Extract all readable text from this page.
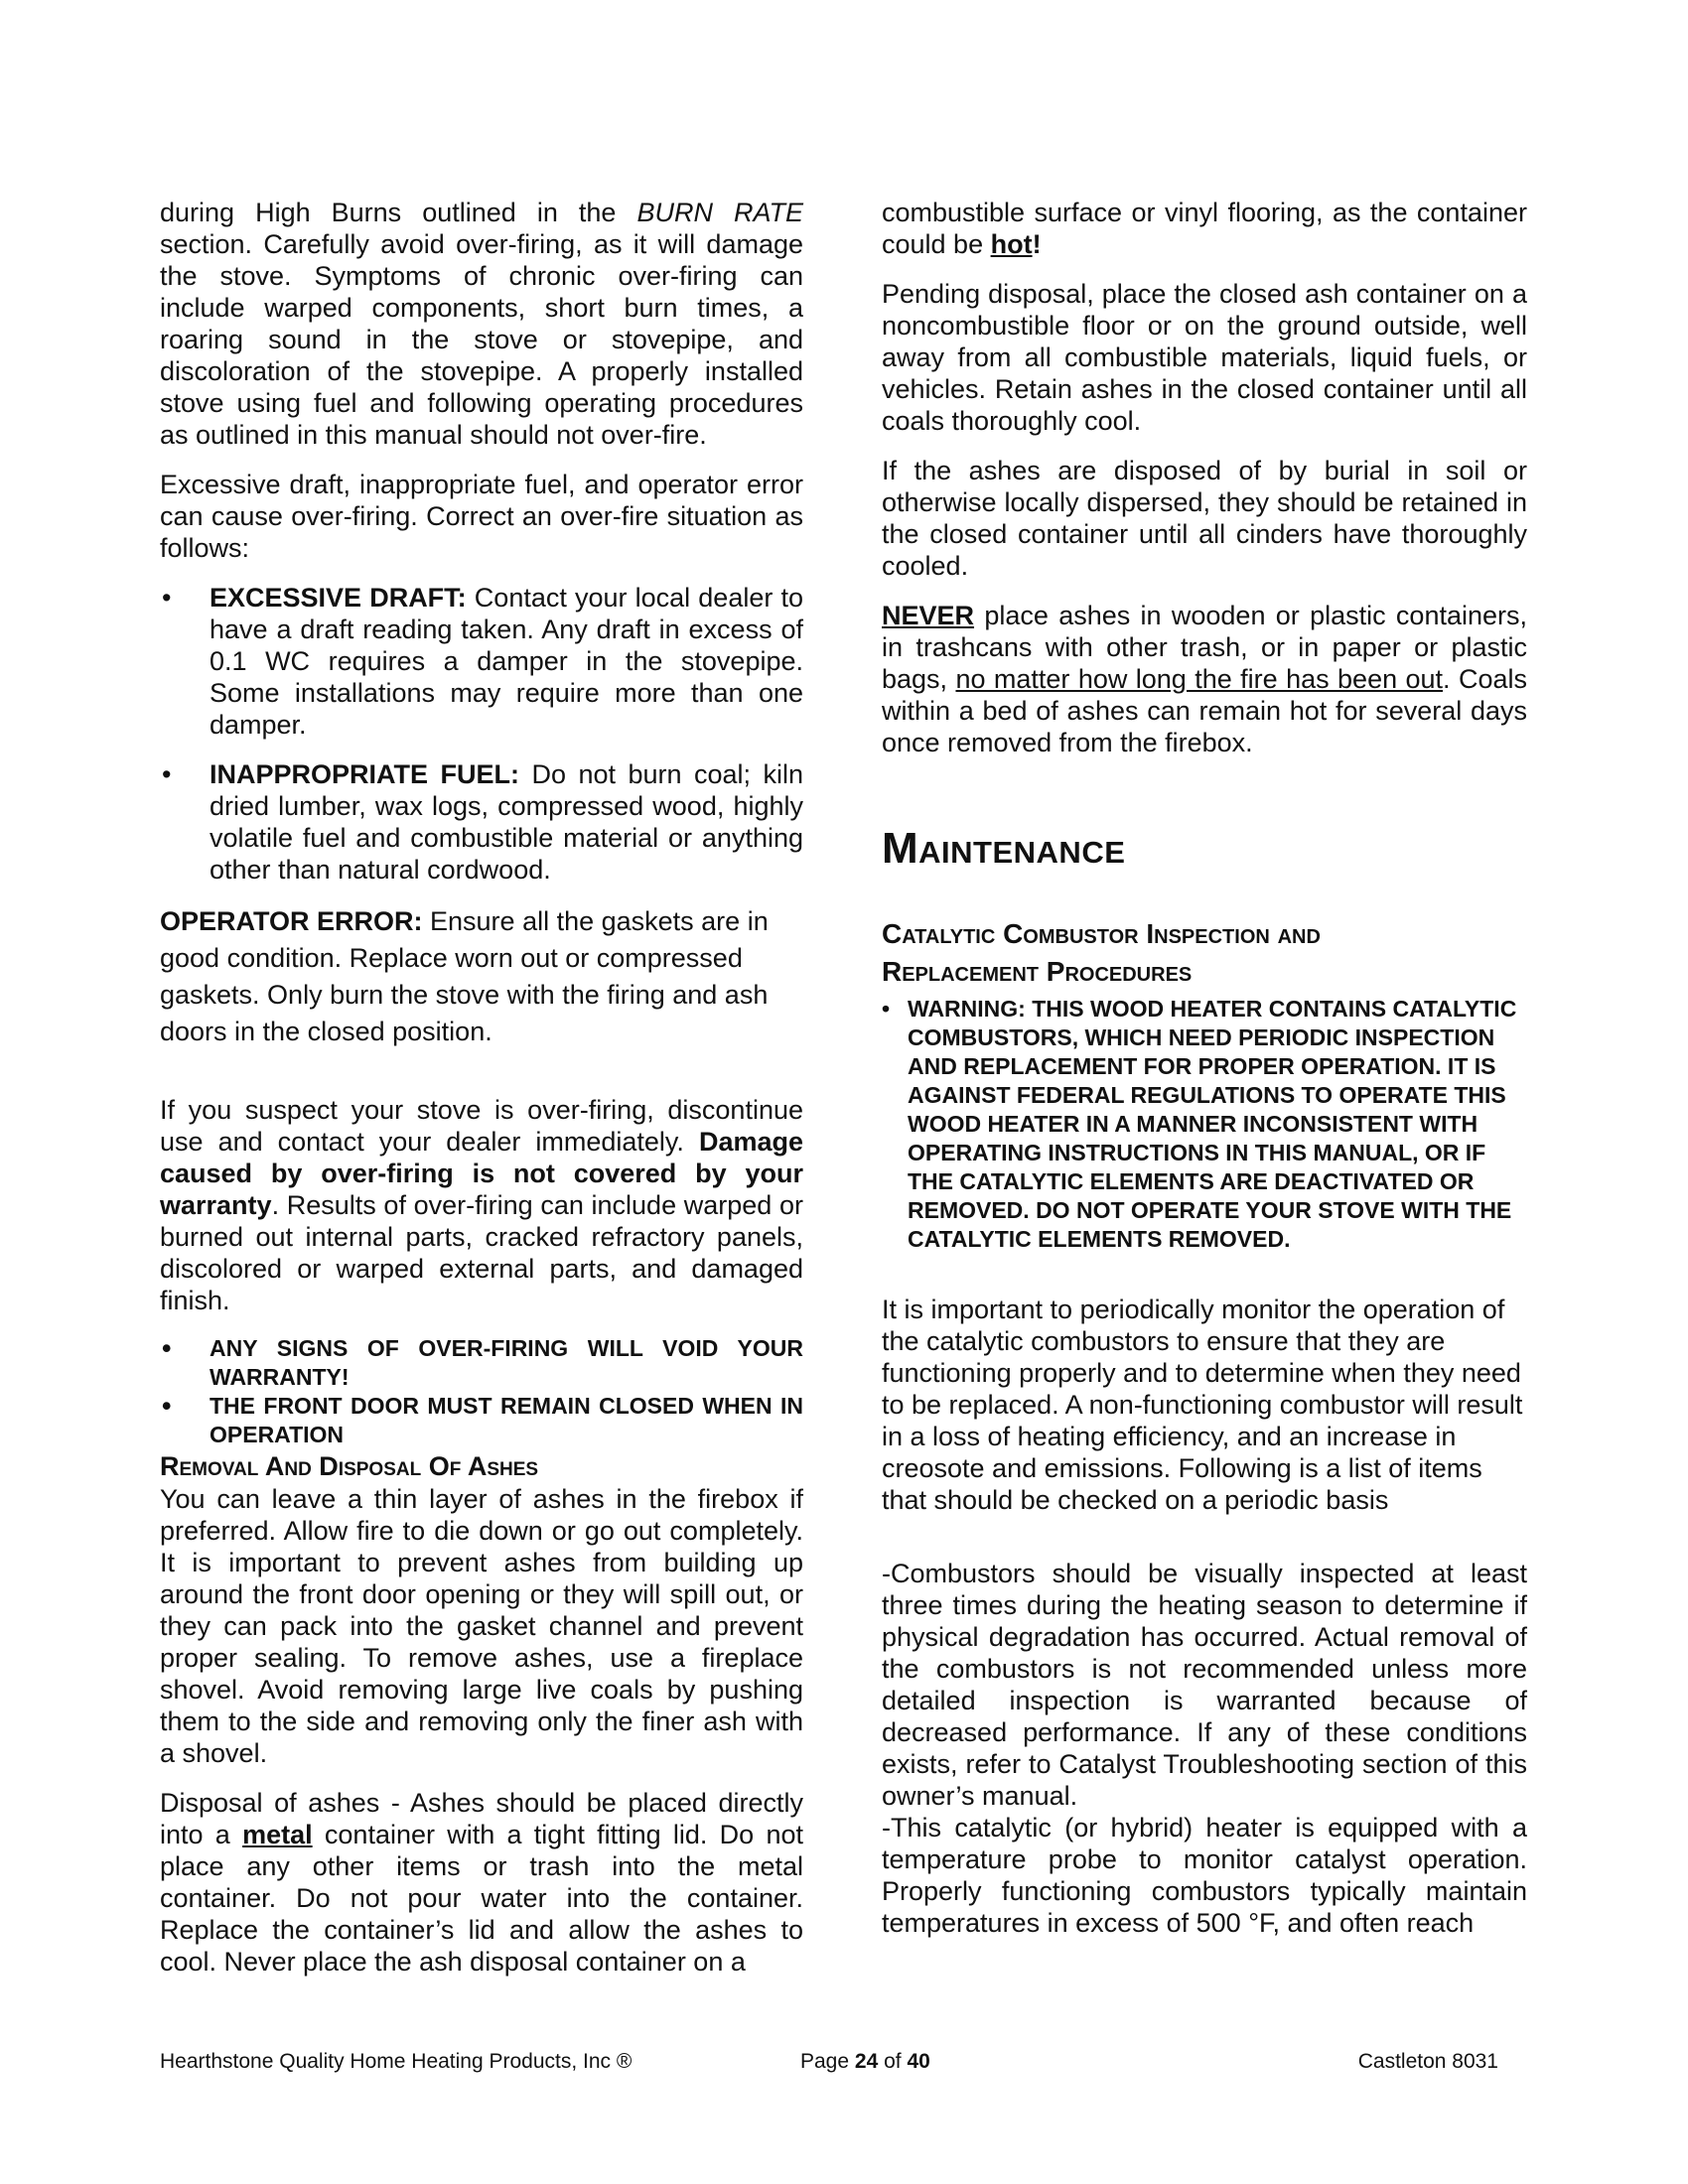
during High Burns outlined in the BURN RATE section. Carefully avoid over-firing, as it will damage the stove. Symptoms of chronic over-firing can include warped components, short burn times, a roaring sound in the stove or stovepipe, and discoloration of the stovepipe. A properly installed stove using fuel and following operating procedures as outlined in this manual should not over-fire.

Excessive draft, inappropriate fuel, and operator error can cause over-firing. Correct an over-fire situation as follows:

• EXCESSIVE DRAFT: Contact your local dealer to have a draft reading taken. Any draft in excess of 0.1 WC requires a damper in the stovepipe. Some installations may require more than one damper.
• INAPPROPRIATE FUEL: Do not burn coal; kiln dried lumber, wax logs, compressed wood, highly volatile fuel and combustible material or anything other than natural cordwood.

OPERATOR ERROR: Ensure all the gaskets are in good condition. Replace worn out or compressed gaskets. Only burn the stove with the firing and ash doors in the closed position.

If you suspect your stove is over-firing, discontinue use and contact your dealer immediately. Damage caused by over-firing is not covered by your warranty. Results of over-firing can include warped or burned out internal parts, cracked refractory panels, discolored or warped external parts, and damaged finish.

• ANY SIGNS OF OVER-FIRING WILL VOID YOUR WARRANTY!
• THE FRONT DOOR MUST REMAIN CLOSED WHEN IN OPERATION
Removal And Disposal Of Ashes

You can leave a thin layer of ashes in the firebox if preferred. Allow fire to die down or go out completely. It is important to prevent ashes from building up around the front door opening or they will spill out, or they can pack into the gasket channel and prevent proper sealing. To remove ashes, use a fireplace shovel. Avoid removing large live coals by pushing them to the side and removing only the finer ash with a shovel.

Disposal of ashes - Ashes should be placed directly into a metal container with a tight fitting lid. Do not place any other items or trash into the metal container. Do not pour water into the container. Replace the container’s lid and allow the ashes to cool. Never place the ash disposal container on a

combustible surface or vinyl flooring, as the container could be hot!

Pending disposal, place the closed ash container on a noncombustible floor or on the ground outside, well away from all combustible materials, liquid fuels, or vehicles. Retain ashes in the closed container until all coals thoroughly cool.

If the ashes are disposed of by burial in soil or otherwise locally dispersed, they should be retained in the closed container until all cinders have thoroughly cooled.

NEVER place ashes in wooden or plastic containers, in trashcans with other trash, or in paper or plastic bags, no matter how long the fire has been out. Coals within a bed of ashes can remain hot for several days once removed from the firebox.

Maintenance
Catalytic Combustor Inspection and
Replacement Procedures
• WARNING: THIS WOOD HEATER CONTAINS CATALYTIC COMBUSTORS, WHICH NEED PERIODIC INSPECTION AND REPLACEMENT FOR PROPER OPERATION. IT IS AGAINST FEDERAL REGULATIONS TO OPERATE THIS WOOD HEATER IN A MANNER INCONSISTENT WITH OPERATING INSTRUCTIONS IN THIS MANUAL, OR IF THE CATALYTIC ELEMENTS ARE DEACTIVATED OR REMOVED. DO NOT OPERATE YOUR STOVE WITH THE CATALYTIC ELEMENTS REMOVED.

It is important to periodically monitor the operation of the catalytic combustors to ensure that they are functioning properly and to determine when they need to be replaced. A non-functioning combustor will result in a loss of heating efficiency, and an increase in creosote and emissions. Following is a list of items that should be checked on a periodic basis

-Combustors should be visually inspected at least three times during the heating season to determine if physical degradation has occurred. Actual removal of the combustors is not recommended unless more detailed inspection is warranted because of decreased performance. If any of these conditions exists, refer to Catalyst Troubleshooting section of this owner’s manual.

-This catalytic (or hybrid) heater is equipped with a temperature probe to monitor catalyst operation. Properly functioning combustors typically maintain temperatures in excess of 500 °F, and often reach

Hearthstone Quality Home Heating Products, Inc ®	Page 24 of 40	Castleton 8031
